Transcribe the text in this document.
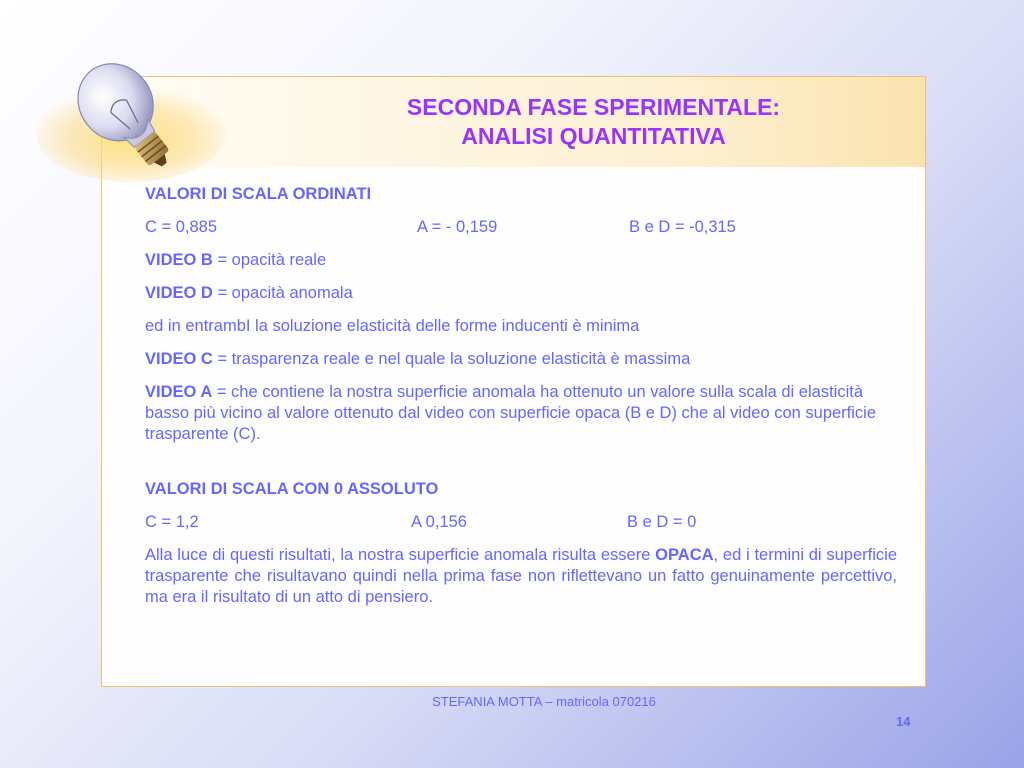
SECONDA FASE SPERIMENTALE:
ANALISI QUANTITATIVA

VALORI DI SCALA ORDINATI

C = 0,885	A = - 0,159	B e D = -0,315

VIDEO B = opacità reale

VIDEO D = opacità anomala

ed in entrambI la soluzione elasticità delle forme inducenti è minima

VIDEO C = trasparenza reale e nel quale la soluzione elasticità è massima

VIDEO A = che contiene la nostra superficie anomala ha ottenuto un valore sulla scala di elasticità basso più vicino al valore ottenuto dal video con superficie opaca (B e D) che al video con superficie trasparente (C).

VALORI DI SCALA CON 0 ASSOLUTO

C = 1,2	A 0,156	B e D = 0

Alla luce di questi risultati, la nostra superficie anomala risulta essere OPACA, ed i termini di superficie trasparente che risultavano quindi nella prima fase non riflettevano un fatto genuinamente percettivo, ma era il risultato di un atto di pensiero.

STEFANIA MOTTA – matricola 070216
14
